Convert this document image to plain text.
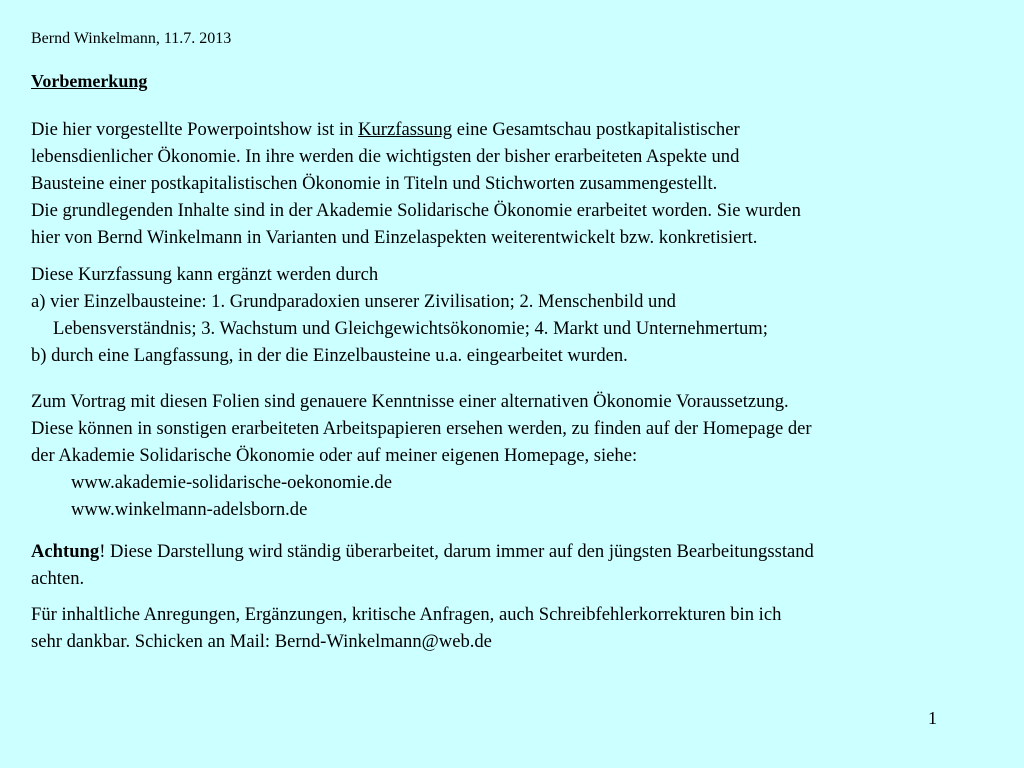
Bernd Winkelmann, 11.7. 2013
Vorbemerkung
Die hier vorgestellte Powerpointshow ist in Kurzfassung eine Gesamtschau postkapitalistischer
lebensdienlicher Ökonomie. In ihre werden die wichtigsten der bisher erarbeiteten Aspekte und
Bausteine einer postkapitalistischen Ökonomie in Titeln und Stichworten zusammengestellt.
Die grundlegenden Inhalte sind in der Akademie Solidarische Ökonomie erarbeitet worden. Sie wurden
hier von Bernd Winkelmann in Varianten und Einzelaspekten weiterentwickelt bzw. konkretisiert.
Diese Kurzfassung kann ergänzt werden durch
a) vier Einzelbausteine: 1. Grundparadoxien unserer Zivilisation; 2. Menschenbild und
Lebensverständnis; 3. Wachstum und Gleichgewichtsökonomie; 4. Markt und Unternehmertum;
b) durch eine Langfassung, in der die Einzelbausteine u.a. eingearbeitet wurden.
Zum Vortrag mit diesen Folien sind genauere Kenntnisse einer alternativen Ökonomie Voraussetzung.
Diese können in sonstigen erarbeiteten Arbeitspapieren ersehen werden, zu finden auf der Homepage der
der Akademie Solidarische Ökonomie oder auf meiner eigenen Homepage, siehe:
www.akademie-solidarische-oekonomie.de
www.winkelmann-adelsborn.de
Achtung! Diese Darstellung wird ständig überarbeitet, darum immer auf den jüngsten Bearbeitungsstand
achten.
Für inhaltliche Anregungen, Ergänzungen, kritische Anfragen, auch Schreibfehlerkorrekturen bin ich
sehr dankbar. Schicken an Mail: Bernd-Winkelmann@web.de
1
